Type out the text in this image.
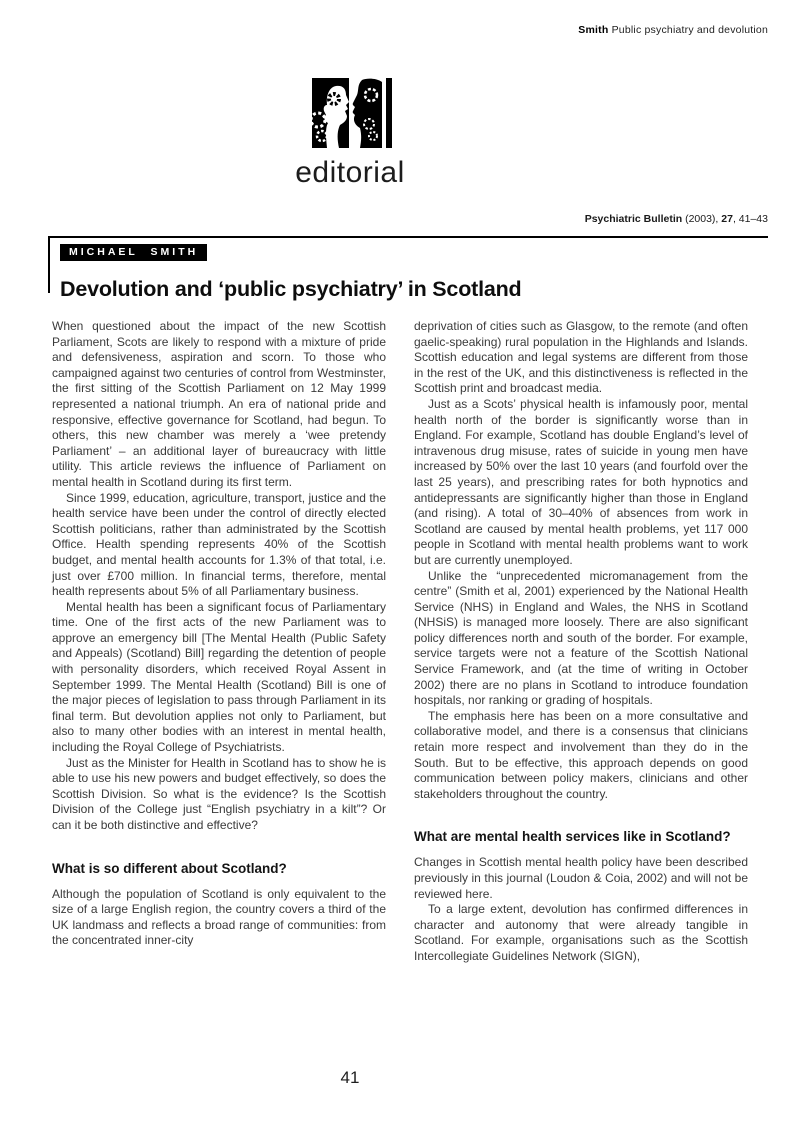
Smith Public psychiatry and devolution
editorial
Psychiatric Bulletin (2003), 27, 41–43
MICHAEL SMITH
Devolution and ‘public psychiatry’ in Scotland

When questioned about the impact of the new Scottish Parliament, Scots are likely to respond with a mixture of pride and defensiveness, aspiration and scorn. To those who campaigned against two centuries of control from Westminster, the first sitting of the Scottish Parliament on 12 May 1999 represented a national triumph. An era of national pride and responsive, effective governance for Scotland, had begun. To others, this new chamber was merely a ‘wee pretendy Parliament’ – an additional layer of bureaucracy with little utility. This article reviews the influence of Parliament on mental health in Scotland during its first term.

Since 1999, education, agriculture, transport, justice and the health service have been under the control of directly elected Scottish politicians, rather than administrated by the Scottish Office. Health spending represents 40% of the Scottish budget, and mental health accounts for 1.3% of that total, i.e. just over £700 million. In financial terms, therefore, mental health represents about 5% of all Parliamentary business.

Mental health has been a significant focus of Parliamentary time. One of the first acts of the new Parliament was to approve an emergency bill [The Mental Health (Public Safety and Appeals) (Scotland) Bill] regarding the detention of people with personality disorders, which received Royal Assent in September 1999. The Mental Health (Scotland) Bill is one of the major pieces of legislation to pass through Parliament in its final term. But devolution applies not only to Parliament, but also to many other bodies with an interest in mental health, including the Royal College of Psychiatrists.

Just as the Minister for Health in Scotland has to show he is able to use his new powers and budget effectively, so does the Scottish Division. So what is the evidence? Is the Scottish Division of the College just “English psychiatry in a kilt”? Or can it be both distinctive and effective?

What is so different about Scotland?

Although the population of Scotland is only equivalent to the size of a large English region, the country covers a third of the UK landmass and reflects a broad range of communities: from the concentrated inner-city

deprivation of cities such as Glasgow, to the remote (and often gaelic-speaking) rural population in the Highlands and Islands. Scottish education and legal systems are different from those in the rest of the UK, and this distinctiveness is reflected in the Scottish print and broadcast media.

Just as a Scots’ physical health is infamously poor, mental health north of the border is significantly worse than in England. For example, Scotland has double England’s level of intravenous drug misuse, rates of suicide in young men have increased by 50% over the last 10 years (and fourfold over the last 25 years), and prescribing rates for both hypnotics and antidepressants are significantly higher than those in England (and rising). A total of 30–40% of absences from work in Scotland are caused by mental health problems, yet 117 000 people in Scotland with mental health problems want to work but are currently unemployed.

Unlike the “unprecedented micromanagement from the centre” (Smith et al, 2001) experienced by the National Health Service (NHS) in England and Wales, the NHS in Scotland (NHSiS) is managed more loosely. There are also significant policy differences north and south of the border. For example, service targets were not a feature of the Scottish National Service Framework, and (at the time of writing in October 2002) there are no plans in Scotland to introduce foundation hospitals, nor ranking or grading of hospitals.

The emphasis here has been on a more consultative and collaborative model, and there is a consensus that clinicians retain more respect and involvement than they do in the South. But to be effective, this approach depends on good communication between policy makers, clinicians and other stakeholders throughout the country.

What are mental health services like in Scotland?

Changes in Scottish mental health policy have been described previously in this journal (Loudon & Coia, 2002) and will not be reviewed here.

To a large extent, devolution has confirmed differences in character and autonomy that were already tangible in Scotland. For example, organisations such as the Scottish Intercollegiate Guidelines Network (SIGN),

41
